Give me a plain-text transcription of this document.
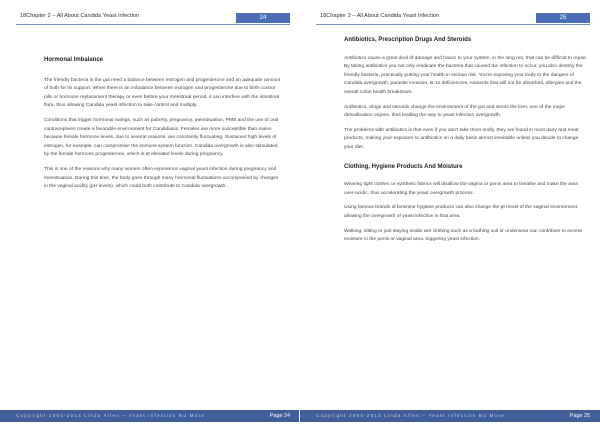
18Chapter 2 – All About Candida Yeast Infection	24
Hormonal Imbalance

The friendly bacteria in the gut need a balance between estrogen and progesterone and an adequate amount of both for its support. When there is an imbalance between estrogen and progesterone due to birth control pills or hormone replacement therapy or even before your menstrual period, it can interfere with the intestinal flora, thus allowing Candida yeast infection to take control and multiply.

Conditions that trigger hormonal swings, such as puberty, pregnancy, menstruation, PMS and the use of oral contraceptives create a favorable environment for Candidiasis. Females are more susceptible than males because female hormone levels, due to several reasons, are constantly fluctuating. Sustained high levels of estrogen, for example, can compromise the immune system function. Candida overgrowth is also stimulated by the female hormone progesterone, which is at elevated levels during pregnancy.

This is one of the reasons why many women often experience vaginal yeast infection during pregnancy and menstruation. During this time, the body goes through many hormonal fluctuations accompanied by changes in the vaginal acidity (pH levels), which could both contribute to Candida overgrowth.

Copyright 2004-2013 Linda Allen – Yeast Infection No More	Page 24
18Chapter 2 – All About Candida Yeast Infection	25
Antibiotics, Prescription Drugs And Steroids

Antibiotics cause a great deal of damage and havoc to your system, in the long run, that can be difficult to repair. By taking antibiotics you not only eradicate the bacteria that caused the infection to occur, you also destroy the friendly bacteria, practically putting your health in serious risk. You're exposing your body to the dangers of Candida overgrowth, parasite invasion, B-12 deficiencies, nutrients that will not be absorbed, allergies and the overall colon health breakdown.

Antibiotics, drugs and steroids change the environment of the gut and stress the liver, one of the major detoxification organs, thus leading the way to yeast infection overgrowth.

The problems with antibiotics is that even if you don't take them orally, they are found in most dairy and meat products, making your exposure to antibiotics on a daily basis almost inevitable unless you decide to change your diet.

Clothing, Hygiene Products And Moisture

Wearing tight clothes or synthetic fabrics will disallow the vagina or penis area to breathe and make the area over-acidic, thus accelerating the yeast overgrowth process.

Using famous brands of feminine hygiene products can also change the pH level of the vaginal environment, allowing the overgrowth of yeast infection in that area.

Walking, sitting or just staying inside wet clothing such as a bathing suit or underwear can contribute to excess moisture in the penis or vaginal area, triggering yeast infection.

Copyright 2004-2013 Linda Allen – Yeast Infection No More	Page 25
